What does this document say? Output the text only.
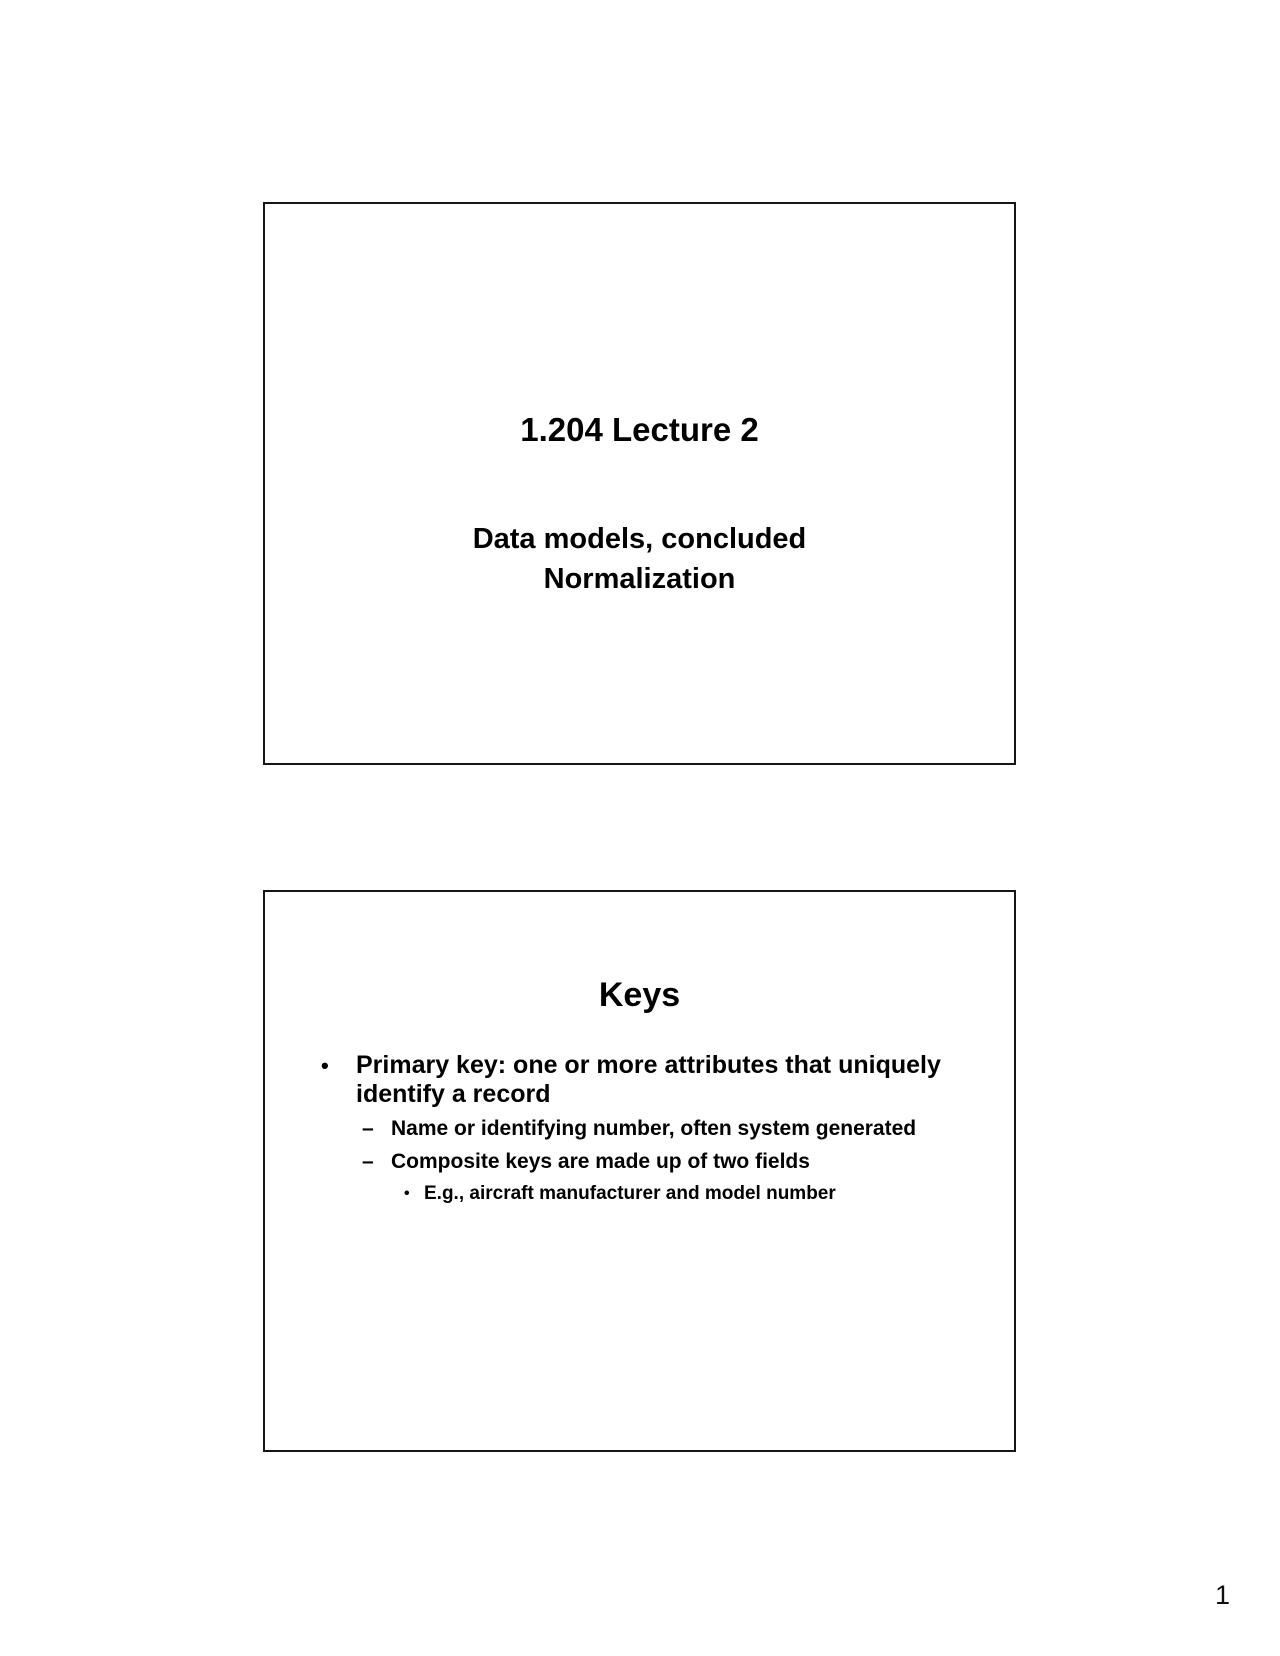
1.204 Lecture 2
Data models, concluded
Normalization
Keys
•	Primary key: one or more attributes that uniquely identify a record
– Name or identifying number, often system generated
– Composite keys are made up of two fields
• E.g., aircraft manufacturer and model number
1
